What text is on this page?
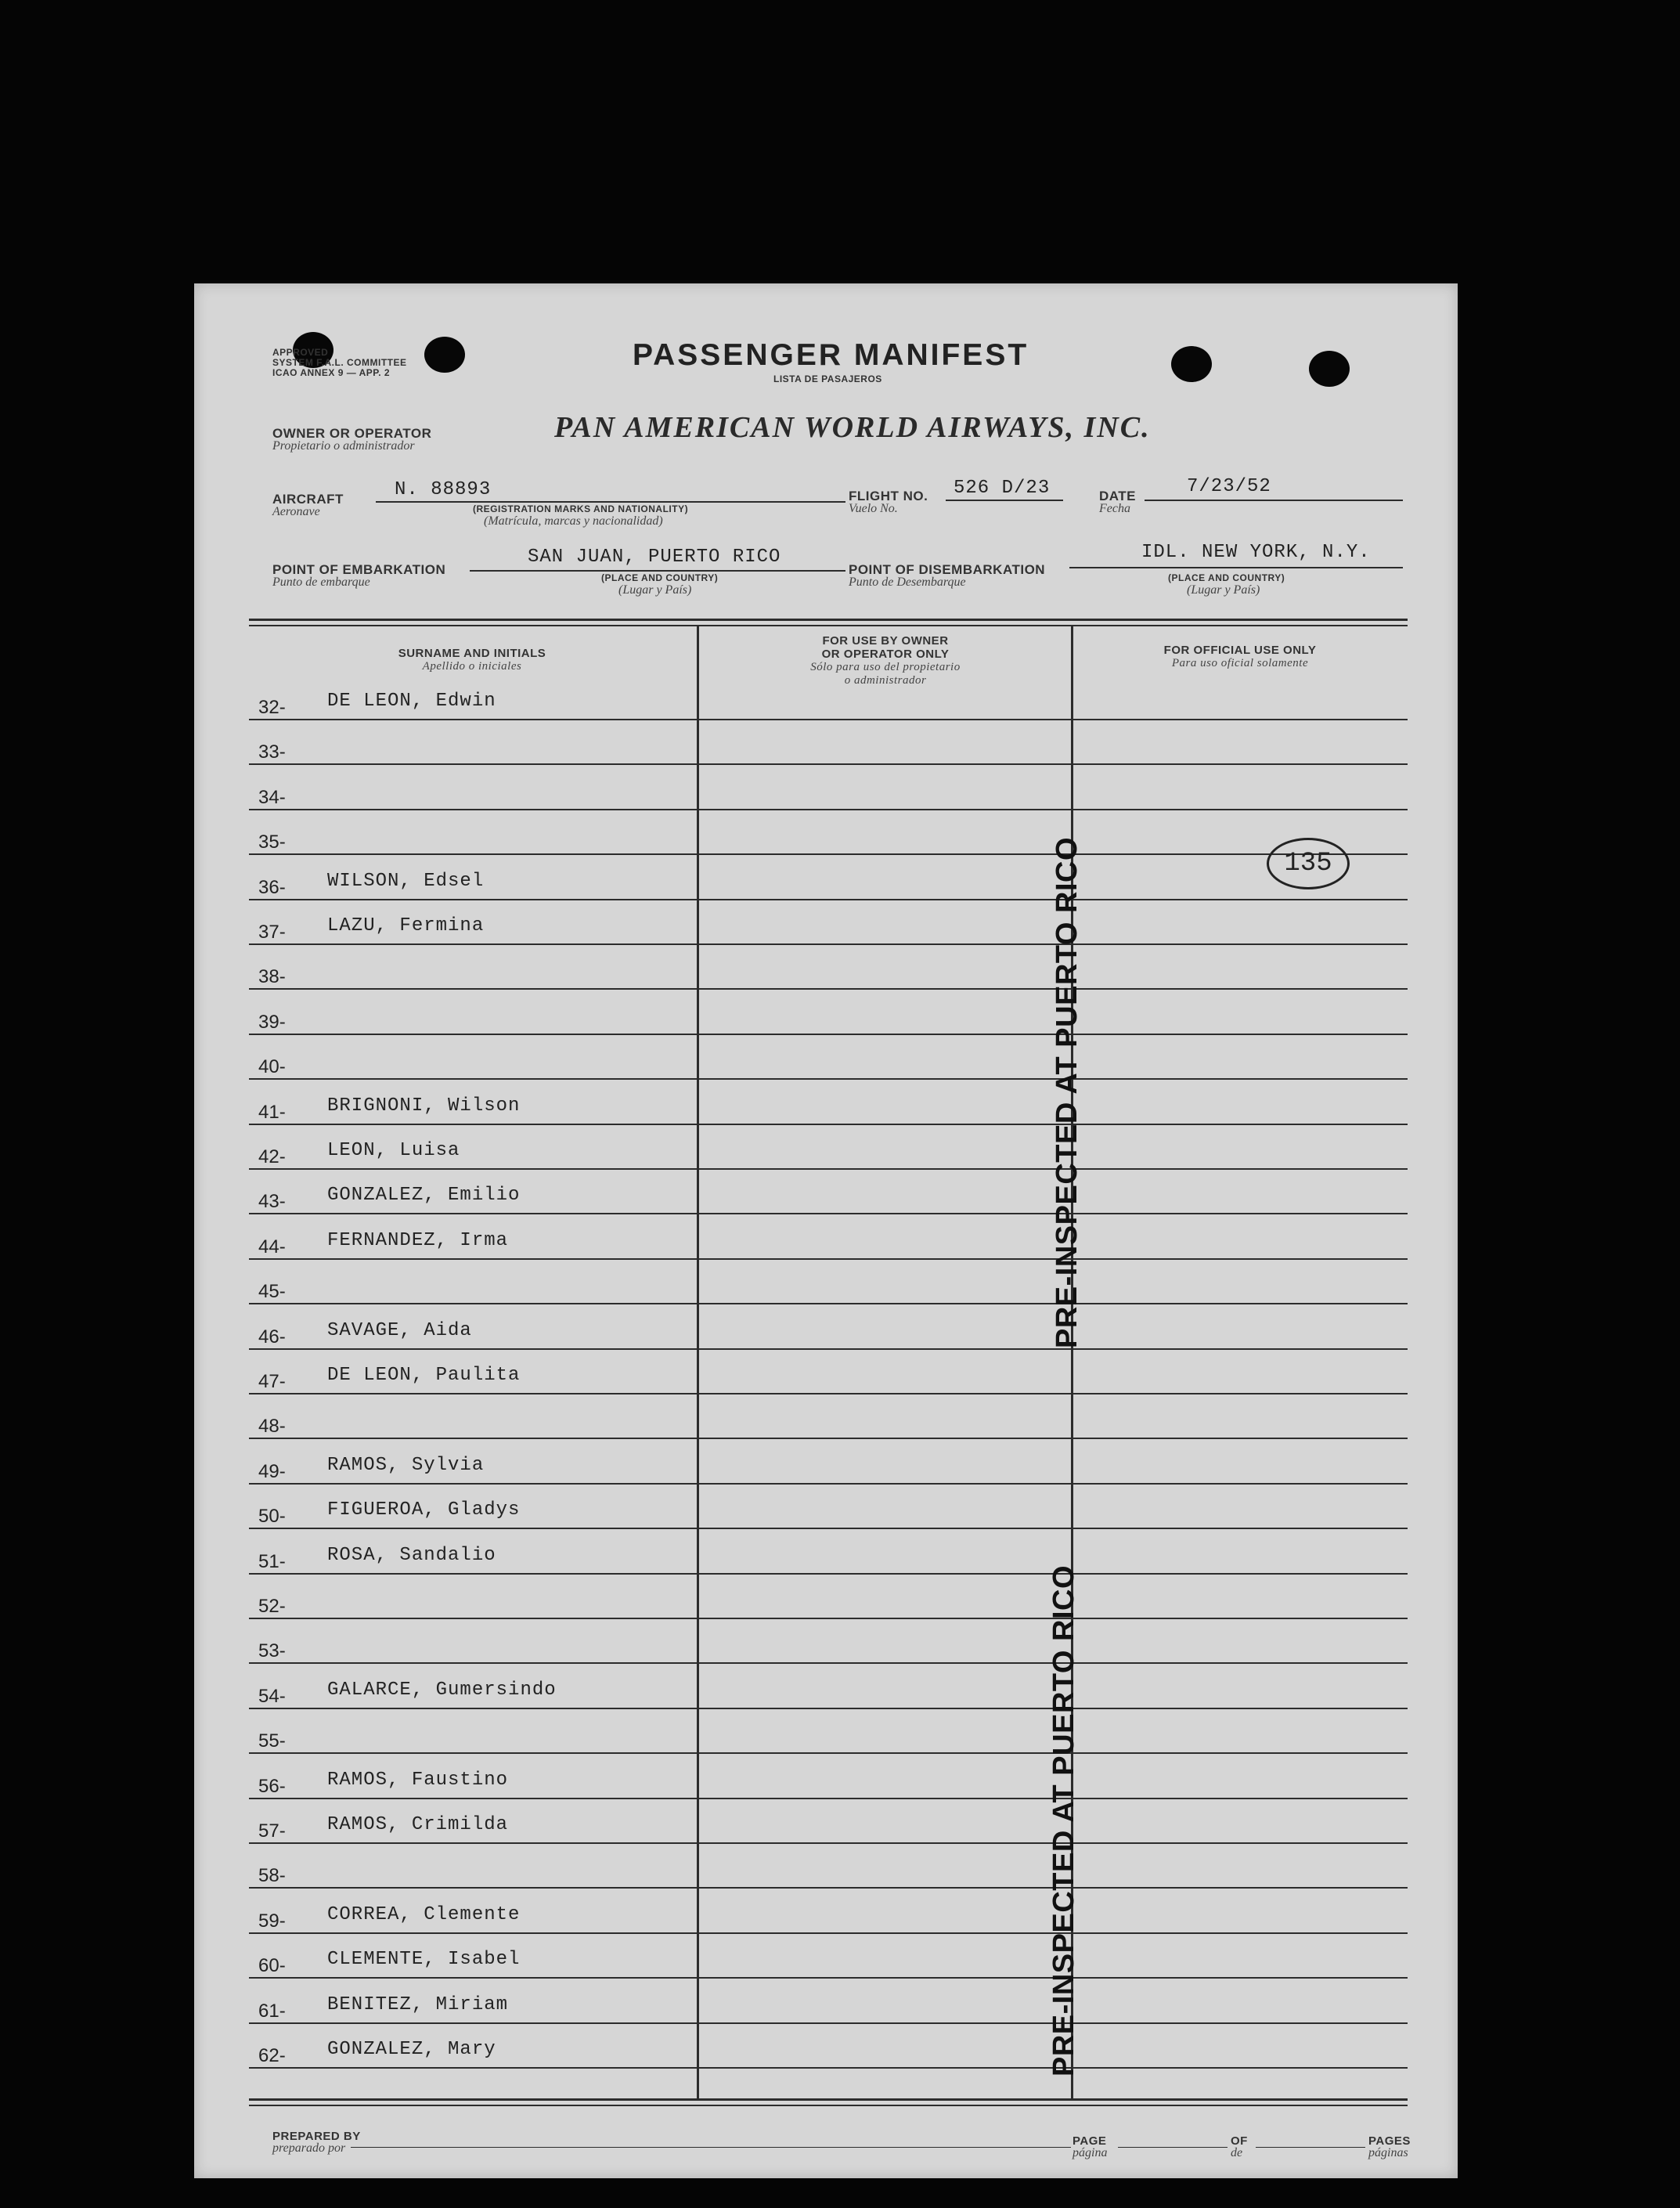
APPROVED
SYSTEM F.A.L. COMMITTEE
ICAO ANNEX 9 — APP. 2
PASSENGER MANIFEST
LISTA DE PASAJEROS
OWNER OR OPERATOR
Propietario o administrador
PAN AMERICAN WORLD AIRWAYS, INC.
AIRCRAFT
Aeronave
N. 88893
(REGISTRATION MARKS AND NATIONALITY)
(Matrícula, marcas y nacionalidad)
FLIGHT NO.
Vuelo No.
526 D/23	DATE
Fecha
7/23/52
POINT OF EMBARKATION
Punto de embarque
SAN JUAN, PUERTO RICO
(PLACE AND COUNTRY)
(Lugar y País)
POINT OF DISEMBARKATION
Punto de Desembarque
IDL. NEW YORK, N.Y.
(PLACE AND COUNTRY)
(Lugar y País)
SURNAME AND INITIALS
Apellido o iniciales
FOR USE BY OWNER
OR OPERATOR ONLY
Sólo para uso del propietario
o administrador
FOR OFFICIAL USE ONLY
Para uso oficial solamente
32-	DE LEON, Edwin
33-
34-
35-
36-	WILSON, Edsel
37-	LAZU, Fermina
38-
39-
40-
41-	BRIGNONI, Wilson
42-	LEON, Luisa
43-	GONZALEZ, Emilio
44-	FERNANDEZ, Irma
45-
46-	SAVAGE, Aida
47-	DE LEON, Paulita
48-
49-	RAMOS, Sylvia
50-	FIGUEROA, Gladys
51-	ROSA, Sandalio
52-
53-
54-	GALARCE, Gumersindo
55-
56-	RAMOS, Faustino
57-	RAMOS, Crimilda
58-
59-	CORREA, Clemente
60-	CLEMENTE, Isabel
61-	BENITEZ, Miriam
62-	GONZALEZ, Mary
PRE-INSPECTED AT PUERTO RICO
PRE-INSPECTED AT PUERTO RICO
135
PREPARED BY
preparado por
PAGE
página
OF
de
PAGES
páginas
